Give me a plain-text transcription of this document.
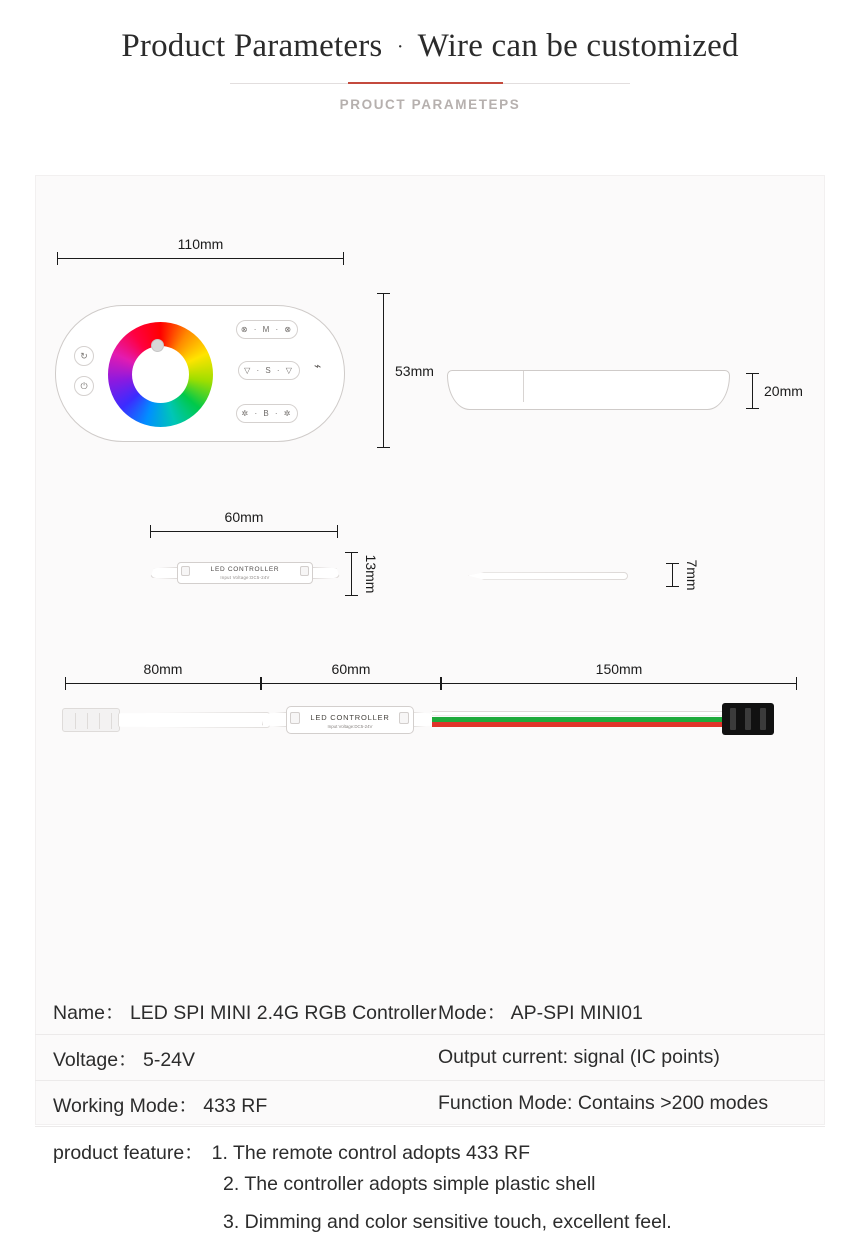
Product Parameters · Wire can be customized
PROUCT PARAMETEPS
110mm
↻
⏻
⊗ · M · ⊗
▽ · S · ▽
✲ · B · ✲
⌁	53mm
20mm
60mm
LED CONTROLLER
Input Voltage:DC5-24V	13mm	7mm
80mm	60mm	150mm
LED CONTROLLER
Input Voltage:DC5-24V
Name： LED SPI MINI 2.4G RGB Controller Mode： AP-SPI MINI01
Voltage： 5-24V	Output current: signal (IC points)
Working Mode： 433 RF	Function Mode: Contains >200 modes
product feature： 1. The remote control adopts 433 RF
2. The controller adopts simple plastic shell
3. Dimming and color sensitive touch, excellent feel.
